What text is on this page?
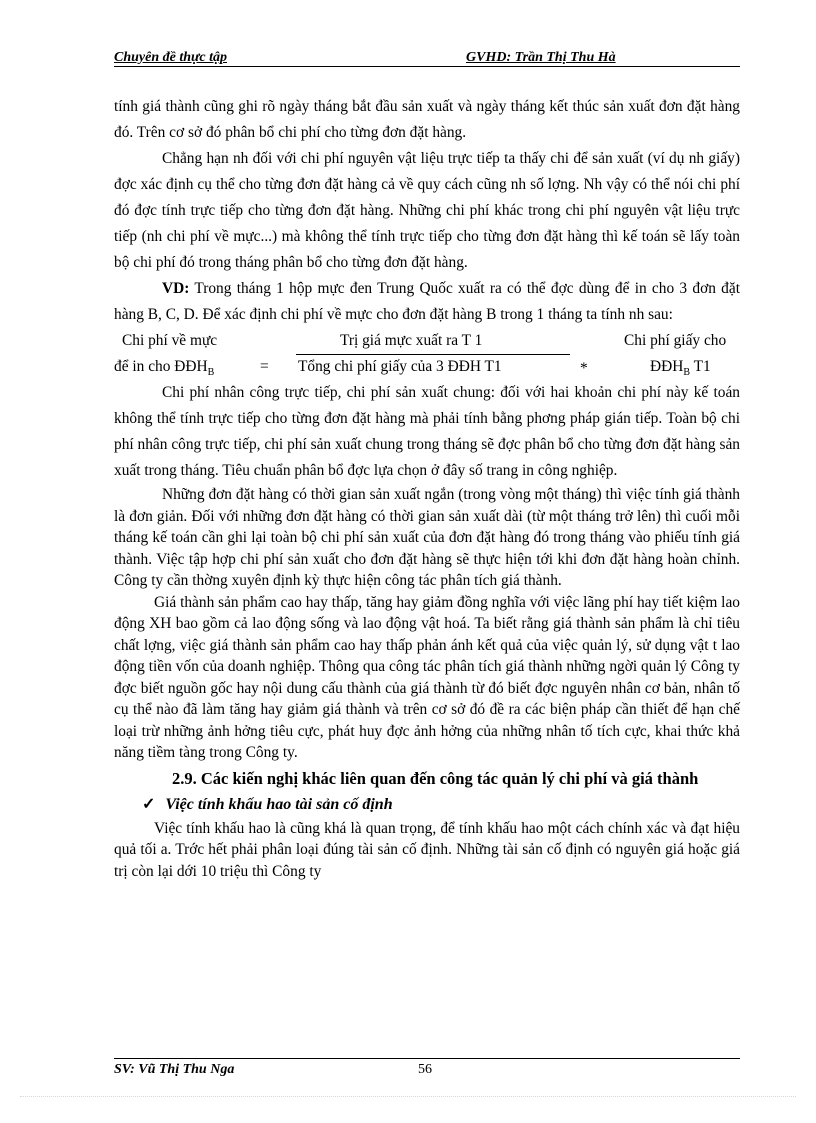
Chuyên đề thực tập	GVHD: Trần Thị Thu Hà

tính giá thành cũng ghi rõ ngày tháng bắt đầu sản xuất và ngày tháng kết thúc sản xuất đơn đặt hàng đó. Trên cơ sở đó phân bổ chi phí cho từng đơn đặt hàng.

Chẳng hạn nh đối với chi phí nguyên vật liệu trực tiếp ta thấy chi để sản xuất (ví dụ nh giấy) đợc xác định cụ thể cho từng đơn đặt hàng cả về quy cách cũng nh số lợng. Nh vậy có thể nói chi phí đó đợc tính trực tiếp cho từng đơn đặt hàng. Những chi phí khác trong chi phí nguyên vật liệu trực tiếp (nh chi phí về mực...) mà không thể tính trực tiếp cho từng đơn đặt hàng thì kế toán sẽ lấy toàn bộ chi phí đó trong tháng phân bổ cho từng đơn đặt hàng.

VD: Trong tháng 1 hộp mực đen Trung Quốc xuất ra có thể đợc dùng để in cho 3 đơn đặt hàng B, C, D. Để xác định chi phí về mực cho đơn đặt hàng B trong 1 tháng ta tính nh sau:

Chi phí về mực
để in cho $ĐĐH_B$	=
Trị giá mực xuất ra T 1
Tổng chi phí giấy của 3 ĐĐH T1	*
Chi phí giấy cho
$ĐĐH_B$ T1

Chi phí nhân công trực tiếp, chi phí sản xuất chung: đối với hai khoản chi phí này kế toán không thể tính trực tiếp cho từng đơn đặt hàng mà phải tính bằng phơng pháp gián tiếp. Toàn bộ chi phí nhân công trực tiếp, chi phí sản xuất chung trong tháng sẽ đợc phân bổ cho từng đơn đặt hàng sản xuất trong tháng. Tiêu chuẩn phân bổ đợc lựa chọn ở đây số trang in công nghiệp.

Những đơn đặt hàng có thời gian sản xuất ngắn (trong vòng một tháng) thì việc tính giá thành là đơn giản. Đối với những đơn đặt hàng có thời gian sản xuất dài (từ một tháng trở lên) thì cuối mỗi tháng kế toán cần ghi lại toàn bộ chi phí sản xuất của đơn đặt hàng đó trong tháng vào phiếu tính giá thành. Việc tập hợp chi phí sản xuất cho đơn đặt hàng sẽ thực hiện tới khi đơn đặt hàng hoàn chỉnh. Công ty cần thờng xuyên định kỳ thực hiện công tác phân tích giá thành.

Giá thành sản phẩm cao hay thấp, tăng hay giảm đồng nghĩa với việc lãng phí hay tiết kiệm lao động XH bao gồm cả lao động sống và lao động vật hoá. Ta biết rằng giá thành sản phẩm là chỉ tiêu chất lợng, việc giá thành sản phẩm cao hay thấp phản ánh kết quả của việc quản lý, sử dụng vật t lao động tiền vốn của doanh nghiệp. Thông qua công tác phân tích giá thành những ngời quản lý Công ty đợc biết nguồn gốc hay nội dung cấu thành của giá thành từ đó biết đợc nguyên nhân cơ bản, nhân tố cụ thể nào đã làm tăng hay giảm giá thành và trên cơ sở đó đề ra các biện pháp cần thiết để hạn chế loại trừ những ảnh hởng tiêu cực, phát huy đợc ảnh hởng của những nhân tố tích cực, khai thức khả năng tiềm tàng trong Công ty.

2.9. Các kiến nghị khác liên quan đến công tác quản lý chi phí và giá thành

✓ Việc tính khấu hao tài sản cố định

Việc tính khấu hao là cũng khá là quan trọng, để tính khấu hao một cách chính xác và đạt hiệu quả tối a. Trớc hết phải phân loại đúng tài sản cố định. Những tài sản cố định có nguyên giá hoặc giá trị còn lại dới 10 triệu thì Công ty

SV: Vũ Thị Thu Nga	56
